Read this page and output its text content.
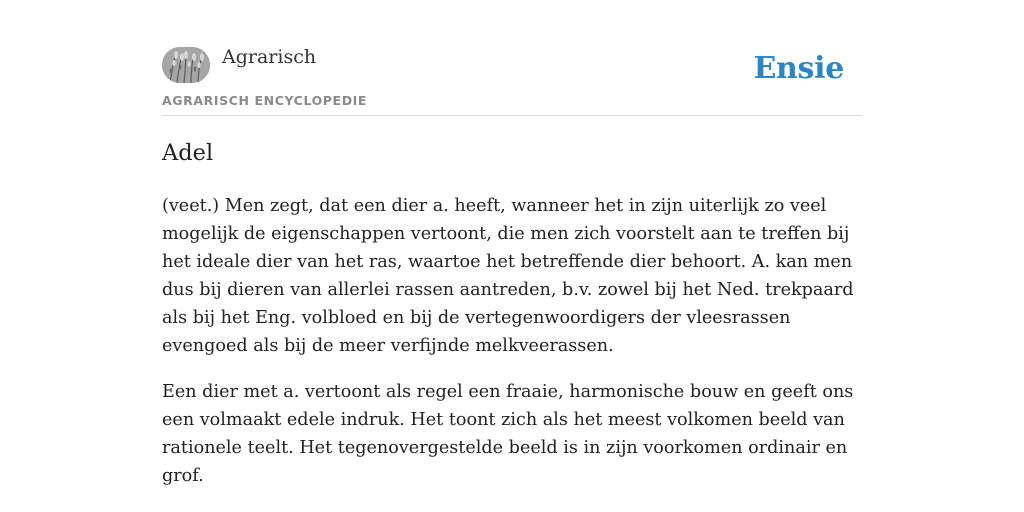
Agrarisch
AGRARISCH ENCYCLOPEDIE
Ensie
Adel

(veet.) Men zegt, dat een dier a. heeft, wanneer het in zijn uiterlijk zo veel mogelijk de eigenschappen vertoont, die men zich voorstelt aan te treffen bij het ideale dier van het ras, waartoe het betreffende dier behoort. A. kan men dus bij dieren van allerlei rassen aantreden, b.v. zowel bij het Ned. trekpaard als bij het Eng. volbloed en bij de vertegenwoordigers der vleesrassen evengoed als bij de meer verfijnde melkveerassen.

Een dier met a. vertoont als regel een fraaie, harmonische bouw en geeft ons een volmaakt edele indruk. Het toont zich als het meest volkomen beeld van rationele teelt. Het tegenovergestelde beeld is in zijn voorkomen ordinair en grof.
